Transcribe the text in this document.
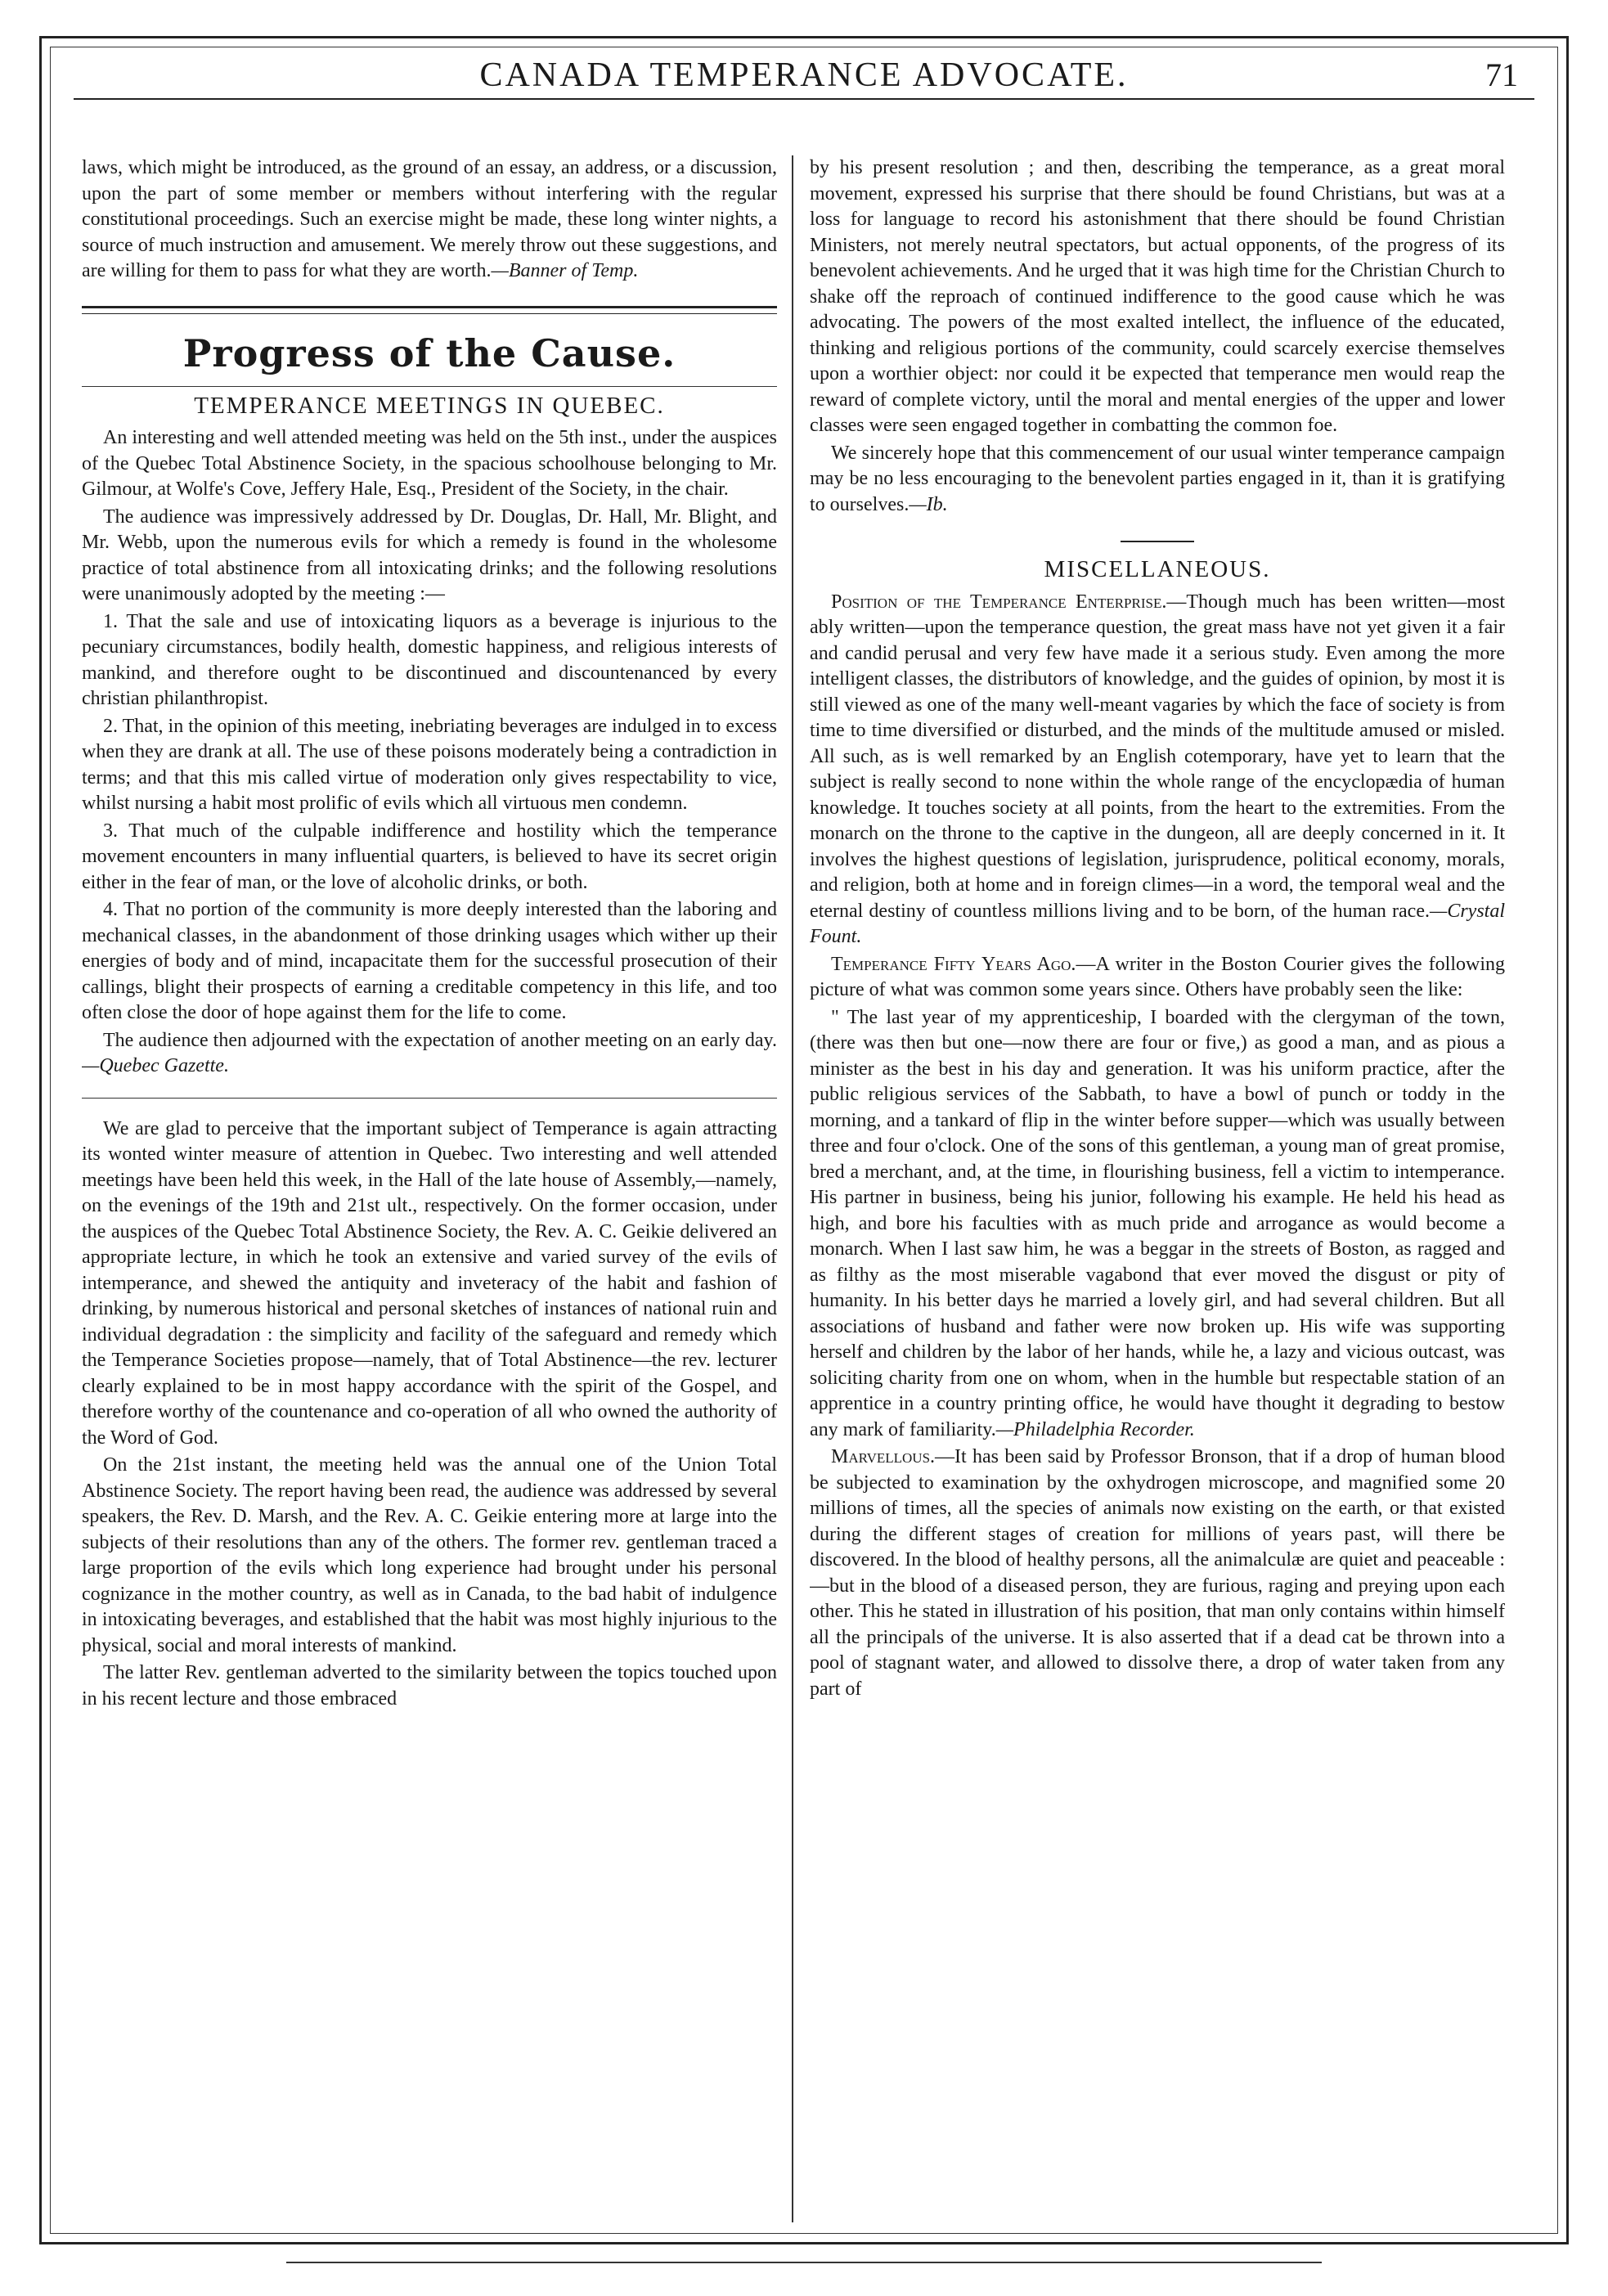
CANADA TEMPERANCE ADVOCATE.	71

laws, which might be introduced, as the ground of an essay, an address, or a discussion, upon the part of some member or members without interfering with the regular constitutional proceedings. Such an exercise might be made, these long winter nights, a source of much instruction and amusement. We merely throw out these suggestions, and are willing for them to pass for what they are worth.—Banner of Temp.

Progress of the Cause.
TEMPERANCE MEETINGS IN QUEBEC.

An interesting and well attended meeting was held on the 5th inst., under the auspices of the Quebec Total Abstinence Society, in the spacious schoolhouse belonging to Mr. Gilmour, at Wolfe's Cove, Jeffery Hale, Esq., President of the Society, in the chair.

The audience was impressively addressed by Dr. Douglas, Dr. Hall, Mr. Blight, and Mr. Webb, upon the numerous evils for which a remedy is found in the wholesome practice of total abstinence from all intoxicating drinks; and the following resolutions were unanimously adopted by the meeting :—

1. That the sale and use of intoxicating liquors as a beverage is injurious to the pecuniary circumstances, bodily health, domestic happiness, and religious interests of mankind, and therefore ought to be discontinued and discountenanced by every christian philanthropist.

2. That, in the opinion of this meeting, inebriating beverages are indulged in to excess when they are drank at all. The use of these poisons moderately being a contradiction in terms; and that this mis called virtue of moderation only gives respectability to vice, whilst nursing a habit most prolific of evils which all virtuous men condemn.

3. That much of the culpable indifference and hostility which the temperance movement encounters in many influential quarters, is believed to have its secret origin either in the fear of man, or the love of alcoholic drinks, or both.

4. That no portion of the community is more deeply interested than the laboring and mechanical classes, in the abandonment of those drinking usages which wither up their energies of body and of mind, incapacitate them for the successful prosecution of their callings, blight their prospects of earning a creditable competency in this life, and too often close the door of hope against them for the life to come.

The audience then adjourned with the expectation of another meeting on an early day.—Quebec Gazette.

We are glad to perceive that the important subject of Temperance is again attracting its wonted winter measure of attention in Quebec. Two interesting and well attended meetings have been held this week, in the Hall of the late house of Assembly,—namely, on the evenings of the 19th and 21st ult., respectively. On the former occasion, under the auspices of the Quebec Total Abstinence Society, the Rev. A. C. Geikie delivered an appropriate lecture, in which he took an extensive and varied survey of the evils of intemperance, and shewed the antiquity and inveteracy of the habit and fashion of drinking, by numerous historical and personal sketches of instances of national ruin and individual degradation : the simplicity and facility of the safeguard and remedy which the Temperance Societies propose—namely, that of Total Abstinence—the rev. lecturer clearly explained to be in most happy accordance with the spirit of the Gospel, and therefore worthy of the countenance and co-operation of all who owned the authority of the Word of God.

On the 21st instant, the meeting held was the annual one of the Union Total Abstinence Society. The report having been read, the audience was addressed by several speakers, the Rev. D. Marsh, and the Rev. A. C. Geikie entering more at large into the subjects of their resolutions than any of the others. The former rev. gentleman traced a large proportion of the evils which long experience had brought under his personal cognizance in the mother country, as well as in Canada, to the bad habit of indulgence in intoxicating beverages, and established that the habit was most highly injurious to the physical, social and moral interests of mankind.

The latter Rev. gentleman adverted to the similarity between the topics touched upon in his recent lecture and those embraced

by his present resolution ; and then, describing the temperance, as a great moral movement, expressed his surprise that there should be found Christians, but was at a loss for language to record his astonishment that there should be found Christian Ministers, not merely neutral spectators, but actual opponents, of the progress of its benevolent achievements. And he urged that it was high time for the Christian Church to shake off the reproach of continued indifference to the good cause which he was advocating. The powers of the most exalted intellect, the influence of the educated, thinking and religious portions of the community, could scarcely exercise themselves upon a worthier object: nor could it be expected that temperance men would reap the reward of complete victory, until the moral and mental energies of the upper and lower classes were seen engaged together in combatting the common foe.

We sincerely hope that this commencement of our usual winter temperance campaign may be no less encouraging to the benevolent parties engaged in it, than it is gratifying to ourselves.—Ib.

MISCELLANEOUS.

Position of the Temperance Enterprise.—Though much has been written—most ably written—upon the temperance question, the great mass have not yet given it a fair and candid perusal and very few have made it a serious study. Even among the more intelligent classes, the distributors of knowledge, and the guides of opinion, by most it is still viewed as one of the many well-meant vagaries by which the face of society is from time to time diversified or disturbed, and the minds of the multitude amused or misled. All such, as is well remarked by an English cotemporary, have yet to learn that the subject is really second to none within the whole range of the encyclopædia of human knowledge. It touches society at all points, from the heart to the extremities. From the monarch on the throne to the captive in the dungeon, all are deeply concerned in it. It involves the highest questions of legislation, jurisprudence, political economy, morals, and religion, both at home and in foreign climes—in a word, the temporal weal and the eternal destiny of countless millions living and to be born, of the human race.—Crystal Fount.

Temperance Fifty Years Ago.—A writer in the Boston Courier gives the following picture of what was common some years since. Others have probably seen the like:

" The last year of my apprenticeship, I boarded with the clergyman of the town, (there was then but one—now there are four or five,) as good a man, and as pious a minister as the best in his day and generation. It was his uniform practice, after the public religious services of the Sabbath, to have a bowl of punch or toddy in the morning, and a tankard of flip in the winter before supper—which was usually between three and four o'clock. One of the sons of this gentleman, a young man of great promise, bred a merchant, and, at the time, in flourishing business, fell a victim to intemperance. His partner in business, being his junior, following his example. He held his head as high, and bore his faculties with as much pride and arrogance as would become a monarch. When I last saw him, he was a beggar in the streets of Boston, as ragged and as filthy as the most miserable vagabond that ever moved the disgust or pity of humanity. In his better days he married a lovely girl, and had several children. But all associations of husband and father were now broken up. His wife was supporting herself and children by the labor of her hands, while he, a lazy and vicious outcast, was soliciting charity from one on whom, when in the humble but respectable station of an apprentice in a country printing office, he would have thought it degrading to bestow any mark of familiarity.—Philadelphia Recorder.

Marvellous.—It has been said by Professor Bronson, that if a drop of human blood be subjected to examination by the oxhydrogen microscope, and magnified some 20 millions of times, all the species of animals now existing on the earth, or that existed during the different stages of creation for millions of years past, will there be discovered. In the blood of healthy persons, all the animalculæ are quiet and peaceable :—but in the blood of a diseased person, they are furious, raging and preying upon each other. This he stated in illustration of his position, that man only contains within himself all the principals of the universe. It is also asserted that if a dead cat be thrown into a pool of stagnant water, and allowed to dissolve there, a drop of water taken from any part of
